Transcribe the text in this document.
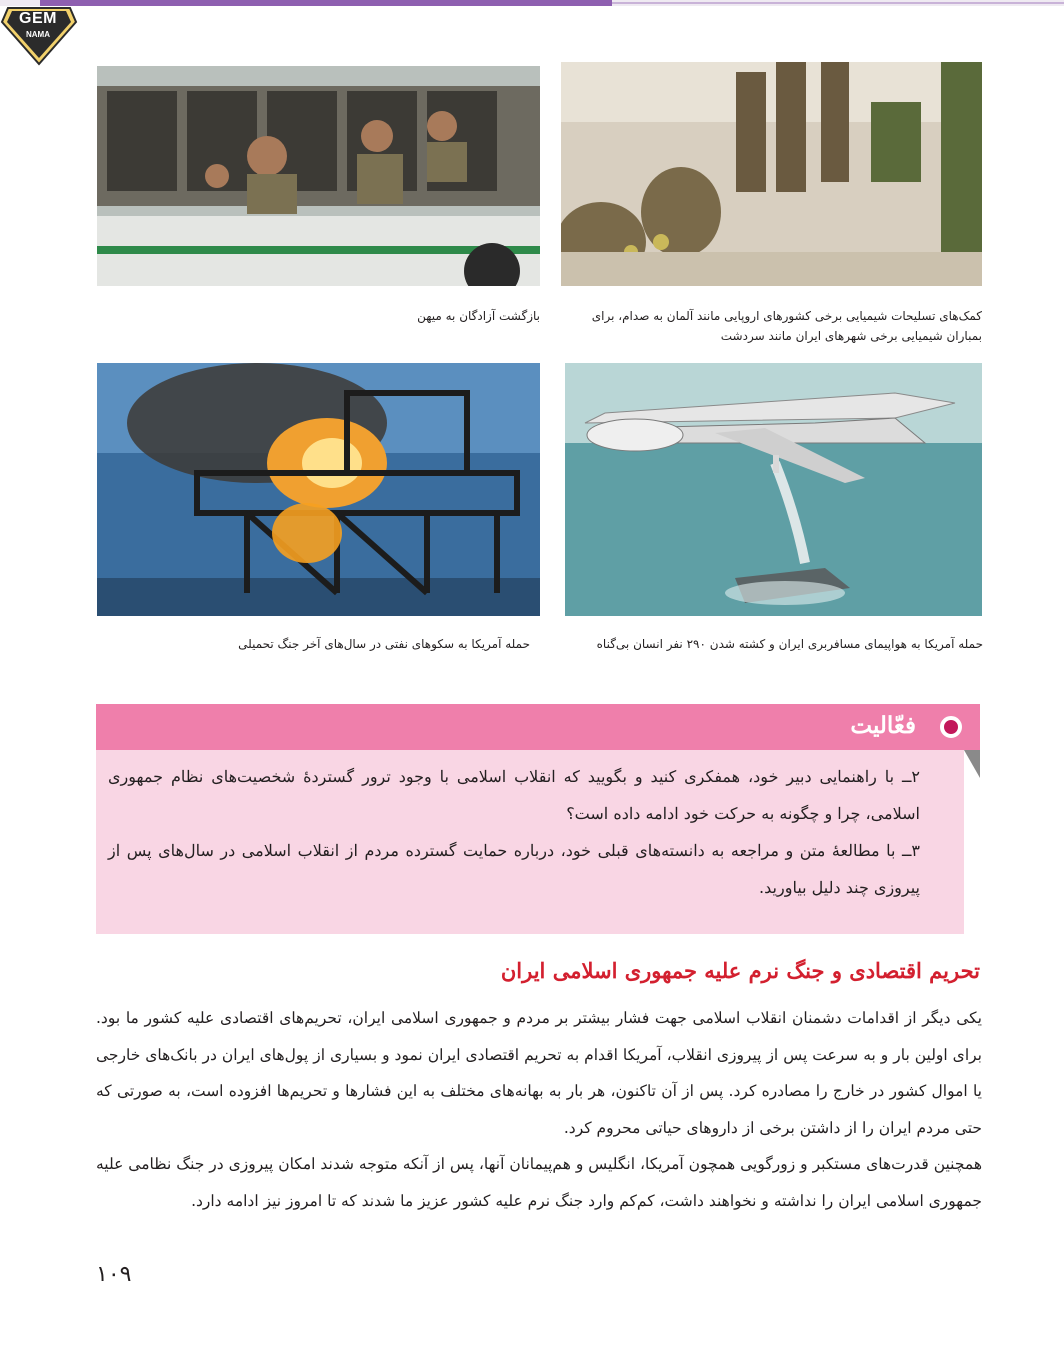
GEM
NAMA
بازگشت آزادگان به میهن	کمک‌های تسلیحات شیمیایی برخی کشورهای اروپایی مانند آلمان به صدام، برای بمباران شیمیایی برخی شهرهای ایران مانند سردشت
حمله آمریکا به سکوهای نفتی در سال‌های آخر جنگ تحمیلی	حمله آمریکا به هواپیمای مسافربری ایران و کشته شدن ۲۹۰ نفر انسان بی‌گناه
فعّالیت
۲ــ با راهنمایی دبیر خود، همفکری کنید و بگویید که انقلاب اسلامی با وجود ترور گستردهٔ شخصیت‌های نظام جمهوری اسلامی، چرا و چگونه به حرکت خود ادامه داده است؟
۳ــ با مطالعهٔ متن و مراجعه به دانسته‌های قبلی خود، درباره حمایت گسترده مردم از انقلاب اسلامی در سال‌های پس از پیروزی چند دلیل بیاورید.
تحریم اقتصادی و جنگ نرم علیه جمهوری اسلامی ایران
یکی دیگر از اقدامات دشمنان انقلاب اسلامی جهت فشار بیشتر بر مردم و جمهوری اسلامی ایران، تحریم‌های اقتصادی علیه کشور ما بود. برای اولین بار و به سرعت پس از پیروزی انقلاب، آمریکا اقدام به تحریم اقتصادی ایران نمود و بسیاری از پول‌های ایران در بانک‌های خارجی یا اموال کشور در خارج را مصادره کرد. پس از آن تاکنون، هر بار به بهانه‌های مختلف به این فشارها و تحریم‌ها افزوده است، به صورتی که حتی مردم ایران را از داشتن برخی از داروهای حیاتی محروم کرد.
همچنین قدرت‌های مستکبر و زورگویی همچون آمریکا، انگلیس و هم‌پیمانان آنها، پس از آنکه متوجه شدند امکان پیروزی در جنگ نظامی علیه جمهوری اسلامی ایران را نداشته و نخواهند داشت، کم‌کم وارد جنگ نرم علیه کشور عزیز ما شدند که تا امروز نیز ادامه دارد.
۱۰۹
